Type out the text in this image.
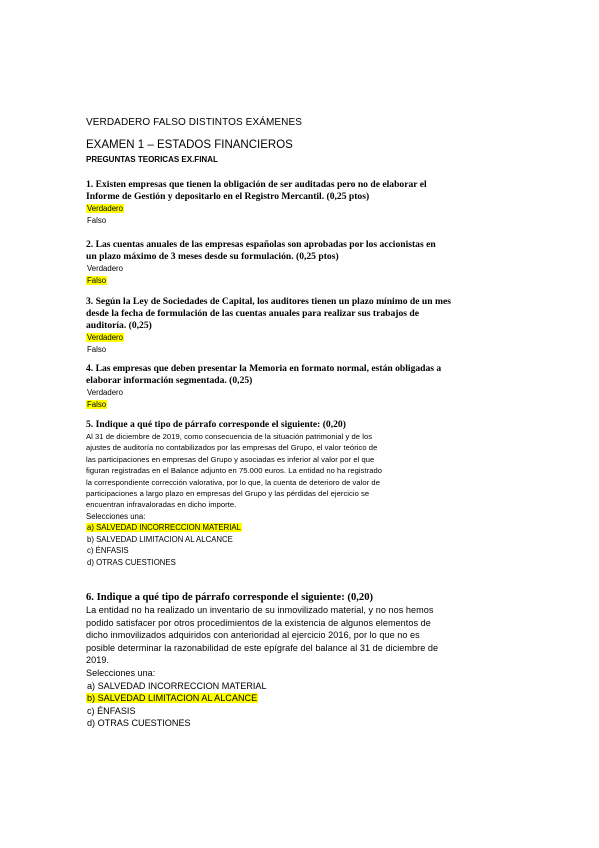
VERDADERO FALSO DISTINTOS EXÁMENES
EXAMEN 1 – ESTADOS FINANCIEROS
PREGUNTAS TEORICAS EX.FINAL

1. Existen empresas que tienen la obligación de ser auditadas pero no de elaborar el
Informe de Gestión y depositarlo en el Registro Mercantil. (0,25 ptos)

Verdadero

Falso

2. Las cuentas anuales de las empresas españolas son aprobadas por los accionistas en
un plazo máximo de 3 meses desde su formulación. (0,25 ptos)

Verdadero

Falso

3. Según la Ley de Sociedades de Capital, los auditores tienen un plazo mínimo de un mes
desde la fecha de formulación de las cuentas anuales para realizar sus trabajos de
auditoría. (0,25)

Verdadero

Falso

4. Las empresas que deben presentar la Memoria en formato normal, están obligadas a
elaborar información segmentada. (0,25)

Verdadero

Falso

5. Indique a qué tipo de párrafo corresponde el siguiente: (0,20)

Al 31 de diciembre de 2019, como consecuencia de la situación patrimonial y de los
ajustes de auditoría no contabilizados por las empresas del Grupo, el valor teórico de
las participaciones en empresas del Grupo y asociadas es inferior al valor por el que
figuran registradas en el Balance adjunto en 75.000 euros. La entidad no ha registrado
la correspondiente corrección valorativa, por lo que, la cuenta de deterioro de valor de
participaciones a largo plazo en empresas del Grupo y las pérdidas del ejercicio se
encuentran infravaloradas en dicho importe.

Selecciones una:

a) SALVEDAD INCORRECCION MATERIAL

b) SALVEDAD LIMITACION AL ALCANCE

c) ÉNFASIS

d) OTRAS CUESTIONES

6. Indique a qué tipo de párrafo corresponde el siguiente: (0,20)

La entidad no ha realizado un inventario de su inmovilizado material, y no nos hemos
podido satisfacer por otros procedimientos de la existencia de algunos elementos de
dicho inmovilizados adquiridos con anterioridad al ejercicio 2016, por lo que no es
posible determinar la razonabilidad de este epígrafe del balance al 31 de diciembre de
2019.

Selecciones una:

a) SALVEDAD INCORRECCION MATERIAL

b) SALVEDAD LIMITACION AL ALCANCE

c) ÉNFASIS

d) OTRAS CUESTIONES
